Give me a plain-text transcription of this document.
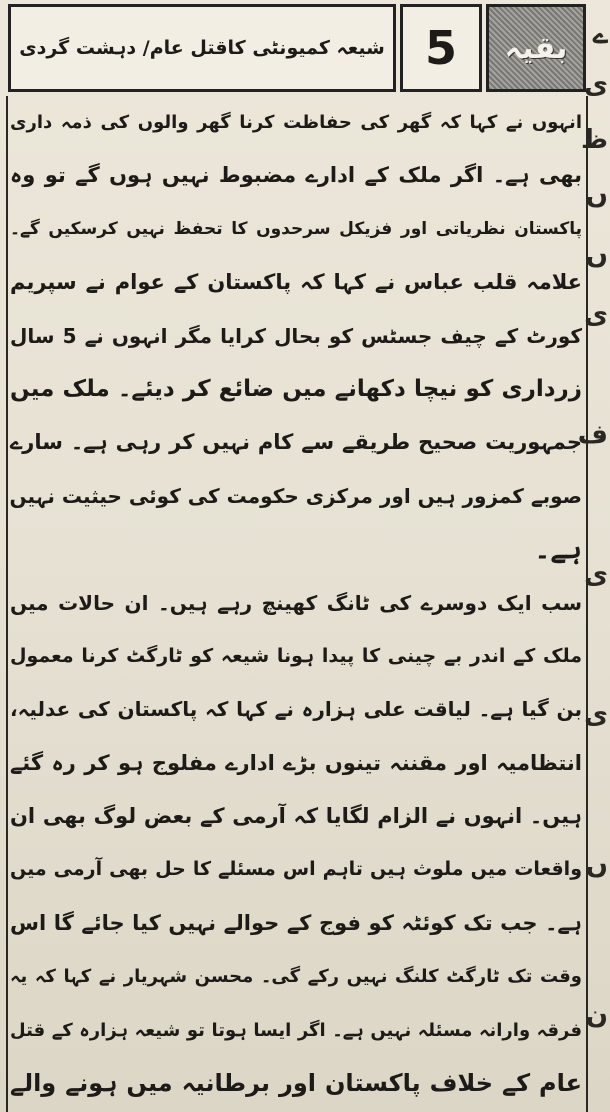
شیعہ کمیونٹی کاقتل عام/ دہشت گردی 5 بقیہ ے
ی
ظ
ں
ں
ی
ف
ی
ی
ں
ن
انہوں نے کہا کہ گھر کی حفاظت کرنا گھر والوں کی ذمہ داری
بھی ہے۔ اگر ملک کے ادارے مضبوط نہیں ہوں گے تو وہ
پاکستان نظریاتی اور فزیکل سرحدوں کا تحفظ نہیں کرسکیں گے۔
علامہ قلب عباس نے کہا کہ پاکستان کے عوام نے سپریم
کورٹ کے چیف جسٹس کو بحال کرایا مگر انہوں نے 5 سال
زرداری کو نیچا دکھانے میں ضائع کر دیئے۔ ملک میں
جمہوریت صحیح طریقے سے کام نہیں کر رہی ہے۔ سارے
صوبے کمزور ہیں اور مرکزی حکومت کی کوئی حیثیت نہیں
ہے۔
سب ایک دوسرے کی ٹانگ کھینچ رہے ہیں۔ ان حالات میں
ملک کے اندر بے چینی کا پیدا ہونا شیعہ کو ٹارگٹ کرنا معمول
بن گیا ہے۔ لیاقت علی ہزارہ نے کہا کہ پاکستان کی عدلیہ،
انتظامیہ اور مقننہ تینوں بڑے ادارے مفلوج ہو کر رہ گئے
ہیں۔ انہوں نے الزام لگایا کہ آرمی کے بعض لوگ بھی ان
واقعات میں ملوث ہیں تاہم اس مسئلے کا حل بھی آرمی میں
ہے۔ جب تک کوئٹہ کو فوج کے حوالے نہیں کیا جائے گا اس
وقت تک ٹارگٹ کلنگ نہیں رکے گی۔ محسن شہریار نے کہا کہ یہ
فرقہ وارانہ مسئلہ نہیں ہے۔ اگر ایسا ہوتا تو شیعہ ہزارہ کے قتل
عام کے خلاف پاکستان اور برطانیہ میں ہونے والے
